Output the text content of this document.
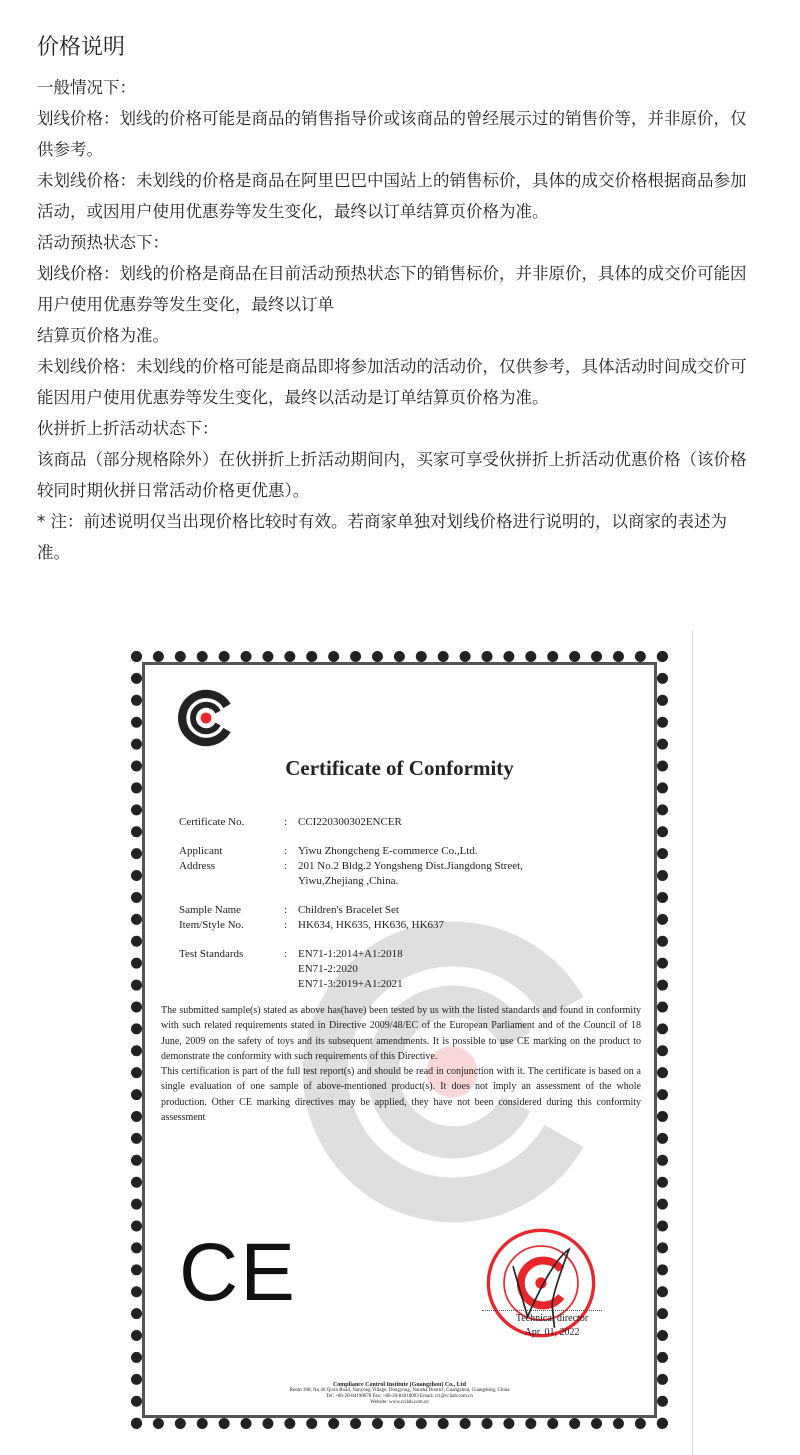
价格说明

一般情况下：

划线价格：划线的价格可能是商品的销售指导价或该商品的曾经展示过的销售价等，并非原价，仅供参考。

未划线价格：未划线的价格是商品在阿里巴巴中国站上的销售标价，具体的成交价格根据商品参加活动，或因用户使用优惠券等发生变化，最终以订单结算页价格为准。

活动预热状态下：

划线价格：划线的价格是商品在目前活动预热状态下的销售标价，并非原价，具体的成交价可能因用户使用优惠券等发生变化，最终以订单

结算页价格为准。

未划线价格：未划线的价格可能是商品即将参加活动的活动价，仅供参考，具体活动时间成交价可能因用户使用优惠券等发生变化，最终以活动是订单结算页价格为准。

伙拼折上折活动状态下：

该商品（部分规格除外）在伙拼折上折活动期间内，买家可享受伙拼折上折活动优惠价格（该价格较同时期伙拼日常活动价格更优惠）。

* 注：前述说明仅当出现价格比较时有效。若商家单独对划线价格进行说明的，以商家的表述为准。

Certificate of Conformity
Certificate No.	: CCI220300302ENCER
Applicant	: Yiwu Zhongcheng E-commerce Co.,Ltd.
Address	: 201 No.2 Bldg.2 Yongsheng Dist.Jiangdong Street,
Yiwu,Zhejiang ,China.
Sample Name	: Children's Bracelet Set
Item/Style No.	: HK634, HK635, HK636, HK637
Test Standards	: EN71-1:2014+A1:2018
EN71-2:2020
EN71-3:2019+A1:2021
The submitted sample(s) stated as above has(have) been tested by us with the listed standards and found in conformity with such related requirements stated in Directive 2009/48/EC of the European Parliament and of the Council of 18 June, 2009 on the safety of toys and its subsequent amendments. It is possible to use CE marking on the product to demonstrate the conformity with such requirements of this Directive.
This certification is part of the full test report(s) and should be read in conjunction with it. The certificate is based on a single evaluation of one sample of above-mentioned product(s). It does not imply an assessment of the whole production. Other CE marking directives may be applied, they have not been considered during this conformity assessment
CE
Technical director
Apr. 01, 2022
Compliance Control Institute (Guangzhou) Co., Ltd
Room 308, No.46 Qixin Road, Nanyong Village, Dongyong, Nansha District, Guangzhou, Guangdong, China
Tel: +86-20-84190678 Fax: +86-20-84010093 Email: cci@ccilab.com.cn
Website: www.ccilab.com.cn
